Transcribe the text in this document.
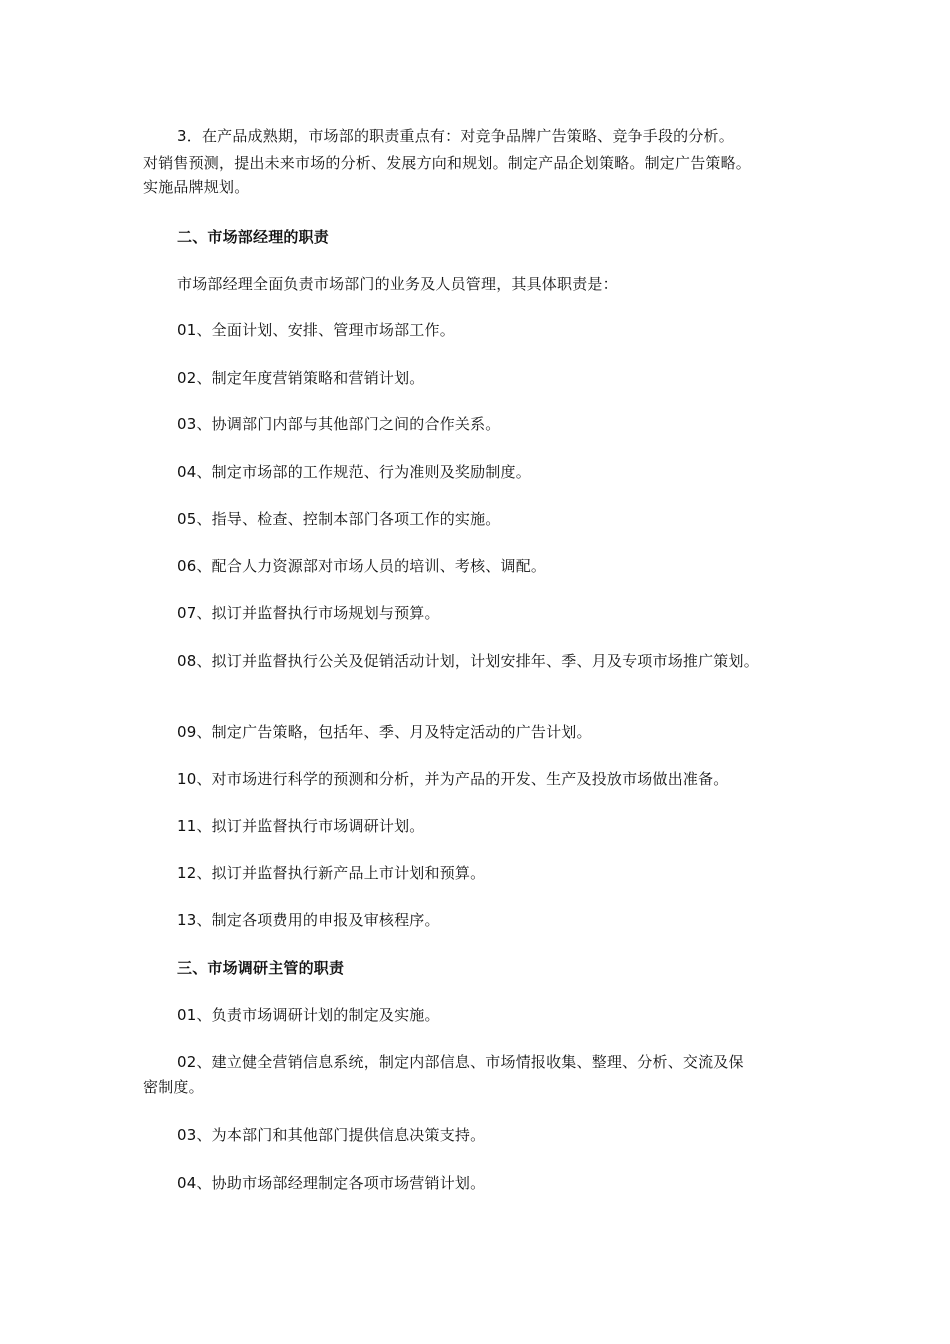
3．在产品成熟期，市场部的职责重点有：对竞争品牌广告策略、竞争手段的分析。
对销售预测，提出未来市场的分析、发展方向和规划。制定产品企划策略。制定广告策略。
实施品牌规划。
二、市场部经理的职责
市场部经理全面负责市场部门的业务及人员管理，其具体职责是：
01、全面计划、安排、管理市场部工作。
02、制定年度营销策略和营销计划。
03、协调部门内部与其他部门之间的合作关系。
04、制定市场部的工作规范、行为准则及奖励制度。
05、指导、检查、控制本部门各项工作的实施。
06、配合人力资源部对市场人员的培训、考核、调配。
07、拟订并监督执行市场规划与预算。
08、拟订并监督执行公关及促销活动计划，计划安排年、季、月及专项市场推广策划。
09、制定广告策略，包括年、季、月及特定活动的广告计划。
10、对市场进行科学的预测和分析，并为产品的开发、生产及投放市场做出准备。
11、拟订并监督执行市场调研计划。
12、拟订并监督执行新产品上市计划和预算。
13、制定各项费用的申报及审核程序。
三、市场调研主管的职责
01、负责市场调研计划的制定及实施。
02、建立健全营销信息系统，制定内部信息、市场情报收集、整理、分析、交流及保
密制度。
03、为本部门和其他部门提供信息决策支持。
04、协助市场部经理制定各项市场营销计划。
